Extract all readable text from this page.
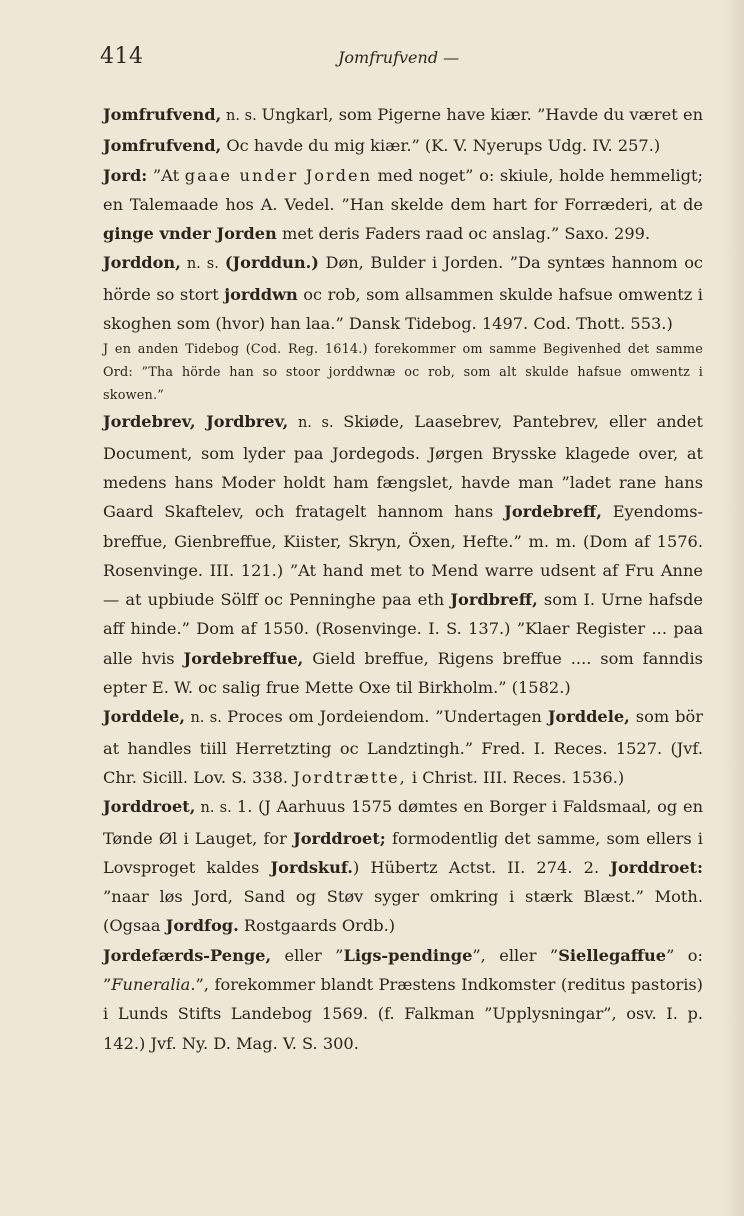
414	Jomfrufvend —

Jomfrufvend, n. s. Ungkarl, som Pigerne have kiær. ”Havde du været en Jomfrufvend, Oc havde du mig kiær.” (K. V. Nyerups Udg. IV. 257.)

Jord: ”At gaae under Jorden med noget” o: skiule, holde hemmeligt; en Talemaade hos A. Vedel. ”Han skelde dem hart for Forræderi, at de ginge vnder Jorden met deris Faders raad oc anslag.” Saxo. 299.

Jorddon, n. s. (Jorddun.) Døn, Bulder i Jorden. ”Da syntæs hannom oc hörde so stort jorddwn oc rob, som allsammen skulde hafsue omwentz i skoghen som (hvor) han laa.” Dansk Tidebog. 1497. Cod. Thott. 553.)
J en anden Tidebog (Cod. Reg. 1614.) forekommer om samme Begivenhed det samme Ord: ”Tha hörde han so stoor jorddwnæ oc rob, som alt skulde hafsue omwentz i skowen.”

Jordebrev, Jordbrev, n. s. Skiøde, Laasebrev, Pantebrev, eller andet Document, som lyder paa Jordegods. Jørgen Brysske klagede over, at medens hans Moder holdt ham fængslet, havde man ”ladet rane hans Gaard Skaftelev, och fratagelt hannom hans Jordebreff, Eyendoms-breffue, Gienbreffue, Kiister, Skryn, Öxen, Hefte.” m. m. (Dom af 1576. Rosenvinge. III. 121.) ”At hand met to Mend warre udsent af Fru Anne — at upbiude Sölff oc Penninghe paa eth Jordbreff, som I. Urne hafsde aff hinde.” Dom af 1550. (Rosenvinge. I. S. 137.) ”Klaer Register ... paa alle hvis Jordebreffue, Gield breffue, Rigens breffue .... som fanndis epter E. W. oc salig frue Mette Oxe til Birkholm.” (1582.)

Jorddele, n. s. Proces om Jordeiendom. ”Undertagen Jorddele, som bör at handles tiill Herretzting oc Landztingh.” Fred. I. Reces. 1527. (Jvf. Chr. Sicill. Lov. S. 338. Jordtrætte, i Christ. III. Reces. 1536.)

Jorddroet, n. s. 1. (J Aarhuus 1575 dømtes en Borger i Faldsmaal, og en Tønde Øl i Lauget, for Jorddroet; formodentlig det samme, som ellers i Lovsproget kaldes Jordskuf.) Hübertz Actst. II. 274. 2. Jorddroet: ”naar løs Jord, Sand og Støv syger omkring i stærk Blæst.” Moth. (Ogsaa Jordfog. Rostgaards Ordb.)

Jordefærds-Penge, eller ”Ligs-pendinge”, eller ”Siellegaffue” o: ”Funeralia.”, forekommer blandt Præstens Indkomster (reditus pastoris) i Lunds Stifts Landebog 1569. (f. Falkman ”Upplysningar”, osv. I. p. 142.) Jvf. Ny. D. Mag. V. S. 300.
